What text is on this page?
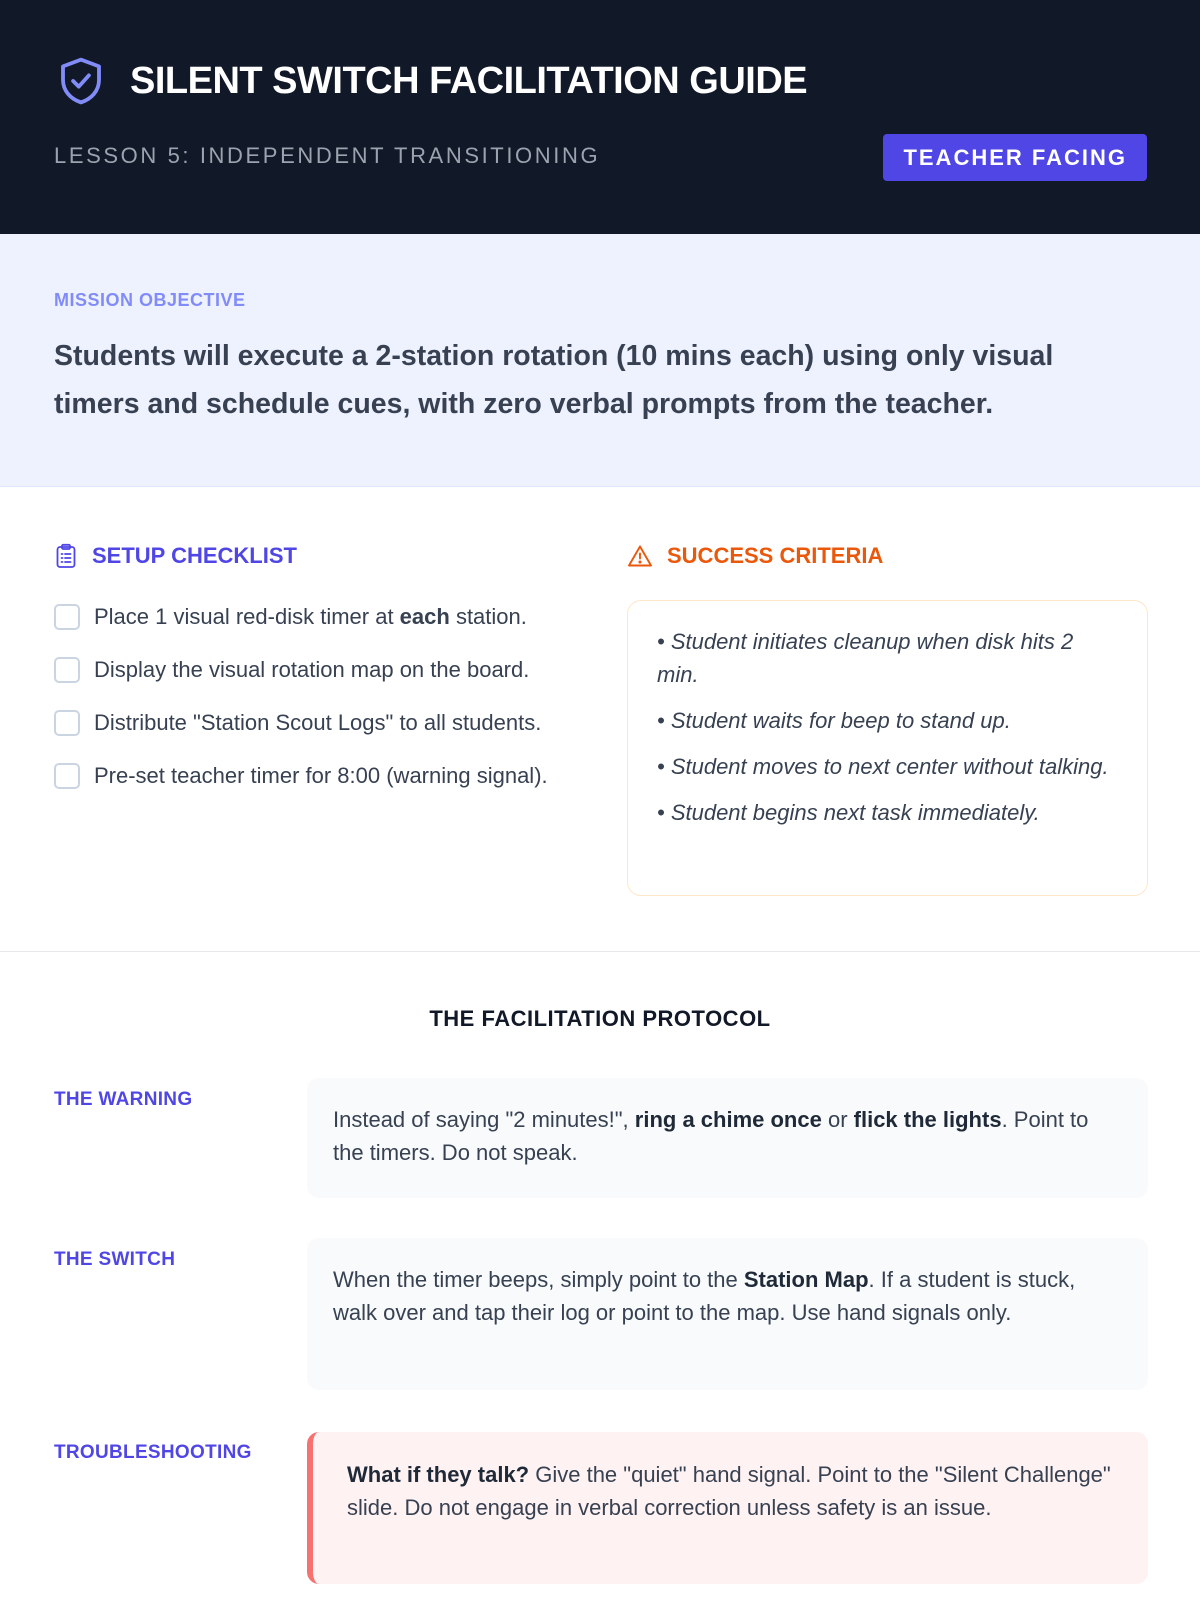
SILENT SWITCH FACILITATION GUIDE
LESSON 5: INDEPENDENT TRANSITIONING	TEACHER FACING
MISSION OBJECTIVE
Students will execute a 2-station rotation (10 mins each) using only visual timers and schedule cues, with zero verbal prompts from the teacher.
SETUP CHECKLIST
Place 1 visual red-disk timer at each station.
Display the visual rotation map on the board.
Distribute "Station Scout Logs" to all students.
Pre-set teacher timer for 8:00 (warning signal).
SUCCESS CRITERIA
• Student initiates cleanup when disk hits 2 min.
• Student waits for beep to stand up.
• Student moves to next center without talking.
• Student begins next task immediately.
THE FACILITATION PROTOCOL
THE WARNING
Instead of saying "2 minutes!", ring a chime once or flick the lights. Point to the timers. Do not speak.
THE SWITCH
When the timer beeps, simply point to the Station Map. If a student is stuck, walk over and tap their log or point to the map. Use hand signals only.
TROUBLESHOOTING
What if they talk? Give the "quiet" hand signal. Point to the "Silent Challenge" slide. Do not engage in verbal correction unless safety is an issue.
